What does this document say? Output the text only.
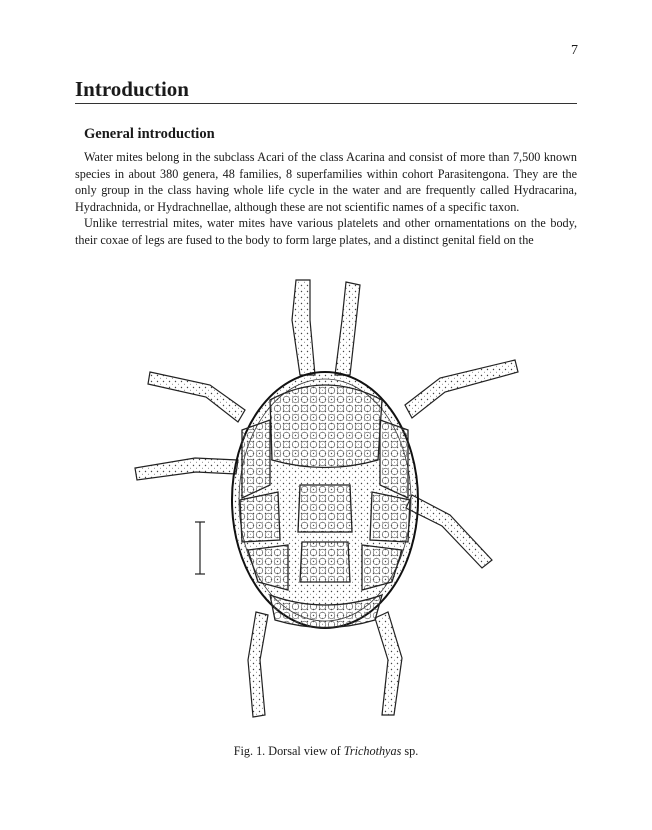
7
Introduction
General introduction

Water mites belong in the subclass Acari of the class Acarina and consist of more than 7,500 known species in about 380 genera, 48 families, 8 superfamilies within cohort Parasitengona. They are the only group in the class having whole life cycle in the water and are frequently called Hydracarina, Hydrachnida, or Hydrachnellae, although these are not scientific names of a specific taxon.

Unlike terrestrial mites, water mites have various platelets and other ornamentations on the body, their coxae of legs are fused to the body to form large plates, and a distinct genital field on the

Fig. 1. Dorsal view of Trichothyas sp.
